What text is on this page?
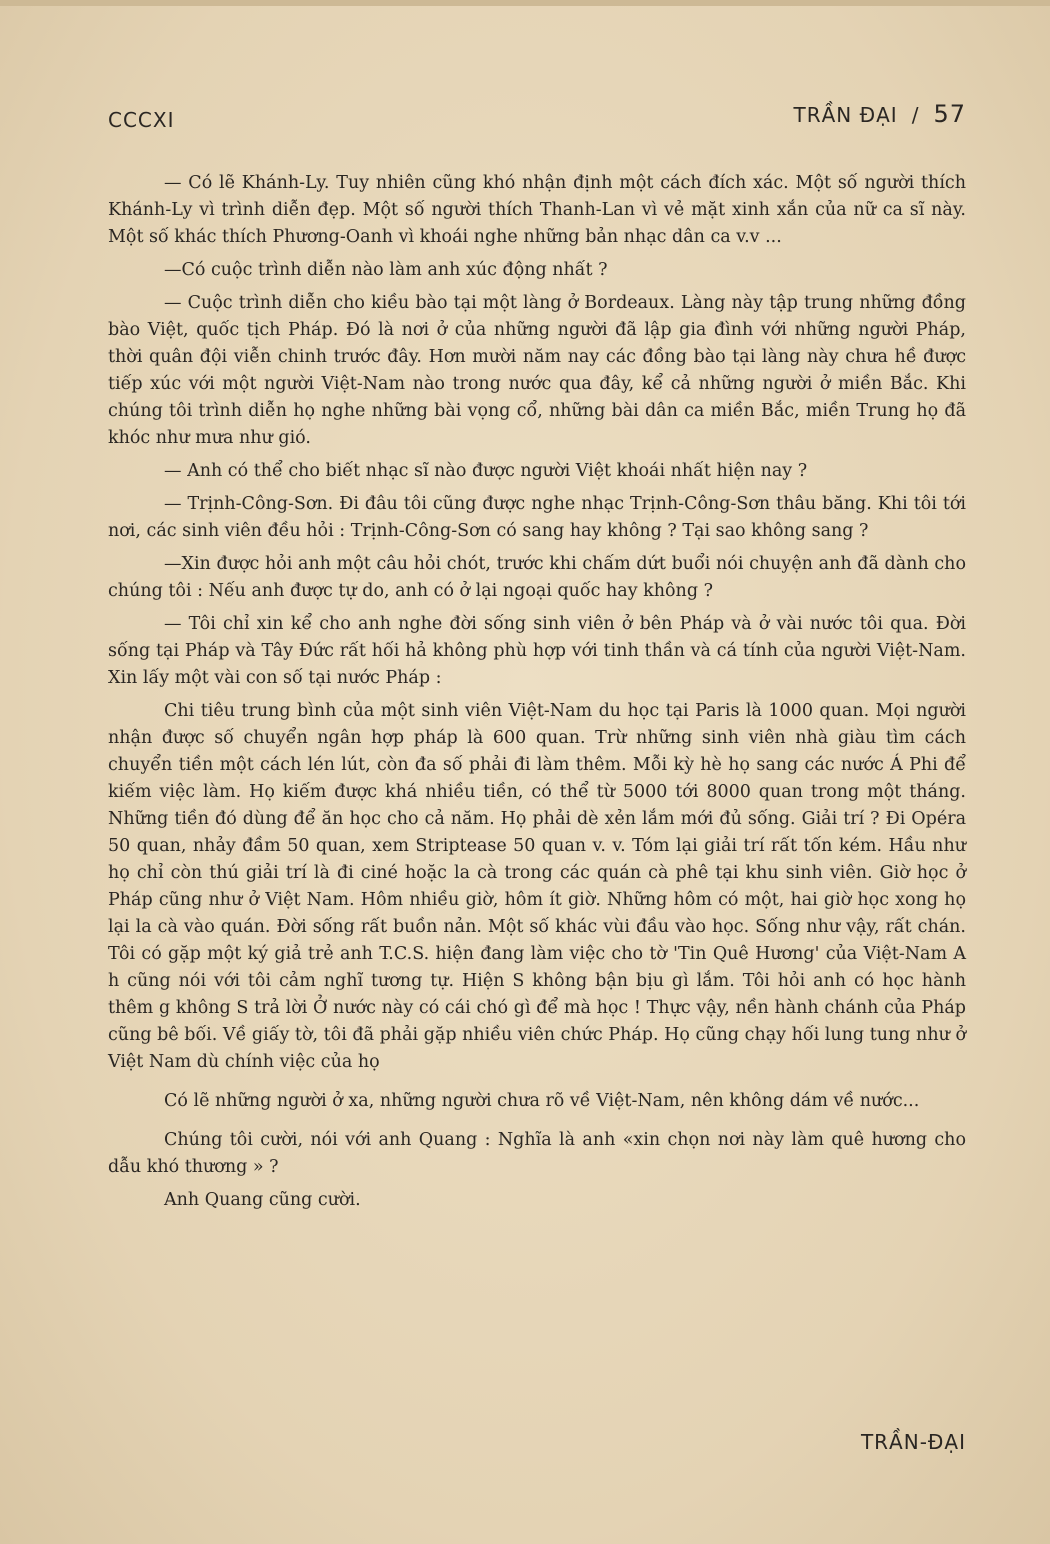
CCCXI	TRẦN ĐẠI / 57

— Có lẽ Khánh-Ly. Tuy nhiên cũng khó nhận định một cách đích xác. Một số người thích Khánh-Ly vì trình diễn đẹp. Một số người thích Thanh-Lan vì vẻ mặt xinh xắn của nữ ca sĩ này. Một số khác thích Phương-Oanh vì khoái nghe những bản nhạc dân ca v.v ...

—Có cuộc trình diễn nào làm anh xúc động nhất ?

— Cuộc trình diễn cho kiều bào tại một làng ở Bordeaux. Làng này tập trung những đồng bào Việt, quốc tịch Pháp. Đó là nơi ở của những người đã lập gia đình với những người Pháp, thời quân đội viễn chinh trước đây. Hơn mười năm nay các đồng bào tại làng này chưa hề được tiếp xúc với một người Việt-Nam nào trong nước qua đây, kể cả những người ở miền Bắc. Khi chúng tôi trình diễn họ nghe những bài vọng cổ, những bài dân ca miền Bắc, miền Trung họ đã khóc như mưa như gió.

— Anh có thể cho biết nhạc sĩ nào được người Việt khoái nhất hiện nay ?

— Trịnh-Công-Sơn. Đi đâu tôi cũng được nghe nhạc Trịnh-Công-Sơn thâu băng. Khi tôi tới nơi, các sinh viên đều hỏi : Trịnh-Công-Sơn có sang hay không ? Tại sao không sang ?

—Xin được hỏi anh một câu hỏi chót, trước khi chấm dứt buổi nói chuyện anh đã dành cho chúng tôi : Nếu anh được tự do, anh có ở lại ngoại quốc hay không ?

— Tôi chỉ xin kể cho anh nghe đời sống sinh viên ở bên Pháp và ở vài nước tôi qua. Đời sống tại Pháp và Tây Đức rất hối hả không phù hợp với tinh thần và cá tính của người Việt-Nam. Xin lấy một vài con số tại nước Pháp :

Chi tiêu trung bình của một sinh viên Việt-Nam du học tại Paris là 1000 quan. Mọi người nhận được số chuyển ngân hợp pháp là 600 quan. Trừ những sinh viên nhà giàu tìm cách chuyển tiền một cách lén lút, còn đa số phải đi làm thêm. Mỗi kỳ hè họ sang các nước Á Phi để kiếm việc làm. Họ kiếm được khá nhiều tiền, có thể từ 5000 tới 8000 quan trong một tháng. Những tiền đó dùng để ăn học cho cả năm. Họ phải dè xẻn lắm mới đủ sống. Giải trí ? Đi Opéra 50 quan, nhảy đầm 50 quan, xem Striptease 50 quan v. v. Tóm lại giải trí rất tốn kém. Hầu như họ chỉ còn thú giải trí là đi ciné hoặc la cà trong các quán cà phê tại khu sinh viên. Giờ học ở Pháp cũng như ở Việt Nam. Hôm nhiều giờ, hôm ít giờ. Những hôm có một, hai giờ học xong họ lại la cà vào quán. Đời sống rất buồn nản. Một số khác vùi đầu vào học. Sống như vậy, rất chán. Tôi có gặp một ký giả trẻ anh T.C.S. hiện đang làm việc cho tờ 'Tin Quê Hương' của Việt-Nam A h cũng nói với tôi cảm nghĩ tương tự. Hiện S không bận bịu gì lắm. Tôi hỏi anh có học hành thêm g không S trả lời Ở nước này có cái chó gì để mà học ! Thực vậy, nền hành chánh của Pháp cũng bê bối. Về giấy tờ, tôi đã phải gặp nhiều viên chức Pháp. Họ cũng chạy hối lung tung như ở Việt Nam dù chính việc của họ

Có lẽ những người ở xa, những người chưa rõ về Việt-Nam, nên không dám về nước...

Chúng tôi cười, nói với anh Quang : Nghĩa là anh «xin chọn nơi này làm quê hương cho dẫu khó thương » ?

Anh Quang cũng cười.

TRẦN-ĐẠI
